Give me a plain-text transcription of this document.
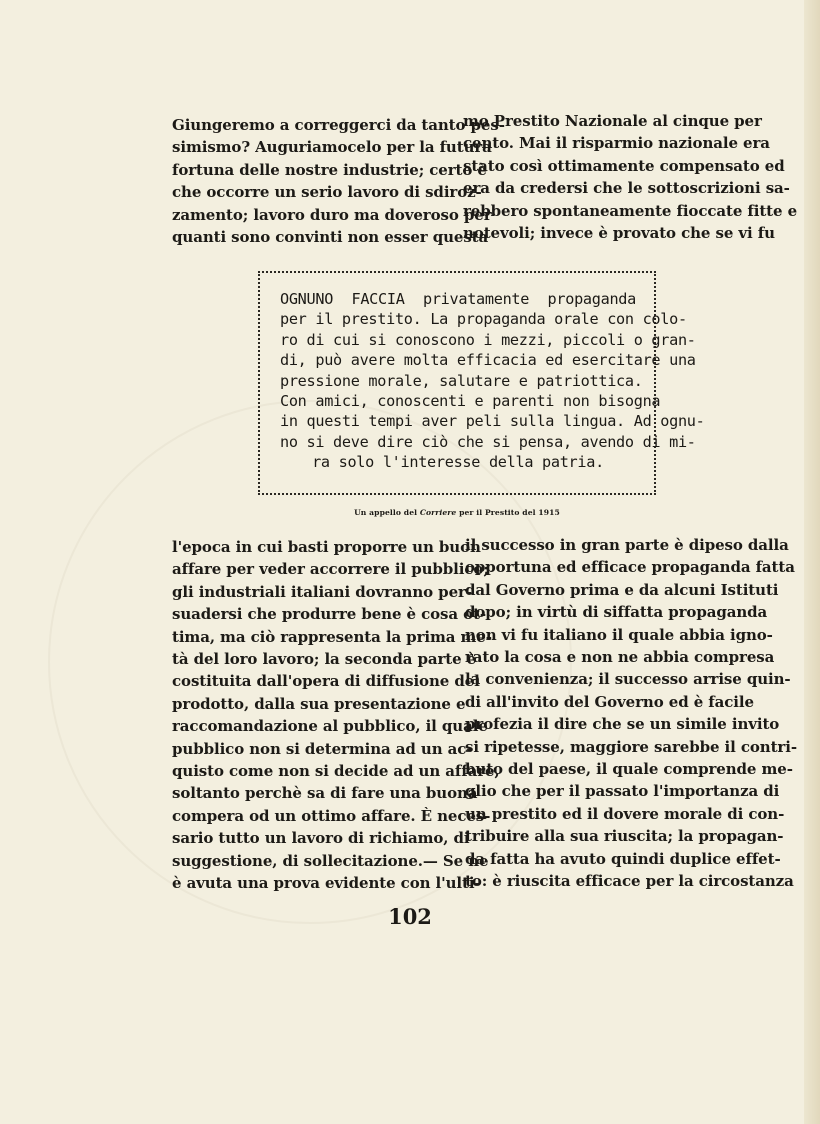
Giungeremo a correggerci da tanto pes-
simismo? Auguriamocelo per la futura
fortuna delle nostre industrie; certo è
che occorre un serio lavoro di sdiroz-
zamento; lavoro duro ma doveroso per
quanti sono convinti non esser questa
mo Prestito Nazionale al cinque per
cento. Mai il risparmio nazionale era
stato così ottimamente compensato ed
era da credersi che le sottoscrizioni sa-
rebbero spontaneamente fioccate fitte e
notevoli; invece è provato che se vi fu
OGNUNO FACCIA privatamente propaganda
per il prestito. La propaganda orale con colo-
ro di cui si conoscono i mezzi, piccoli o gran-
di, può avere molta efficacia ed esercitare una
pressione morale, salutare e patriottica.
Con amici, conoscenti e parenti non bisogna
in questi tempi aver peli sulla lingua. Ad ognu-
no si deve dire ciò che si pensa, avendo di mi-
ra solo l'interesse della patria.
Un appello del Corriere per il Prestito del 1915
l'epoca in cui basti proporre un buon
affare per veder accorrere il pubblico;
gli industriali italiani dovranno per-
suadersi che produrre bene è cosa ot-
tima, ma ciò rappresenta la prima me-
tà del loro lavoro; la seconda parte è
costituita dall'opera di diffusione del
prodotto, dalla sua presentazione e
raccomandazione al pubblico, il quale
pubblico non si determina ad un ac-
quisto come non si decide ad un affare,
soltanto perchè sa di fare una buona
compera od un ottimo affare. È neces-
sario tutto un lavoro di richiamo, di
suggestione, di sollecitazione.— Se ne
è avuta una prova evidente con l'ulti-
il successo in gran parte è dipeso dalla
opportuna ed efficace propaganda fatta
dal Governo prima e da alcuni Istituti
dopo; in virtù di siffatta propaganda
non vi fu italiano il quale abbia igno-
rato la cosa e non ne abbia compresa
la convenienza; il successo arrise quin-
di all'invito del Governo ed è facile
profezia il dire che se un simile invito
si ripetesse, maggiore sarebbe il contri-
buto del paese, il quale comprende me-
glio che per il passato l'importanza di
un prestito ed il dovere morale di con-
tribuire alla sua riuscita; la propagan-
da fatta ha avuto quindi duplice effet-
to: è riuscita efficace per la circostanza
102
